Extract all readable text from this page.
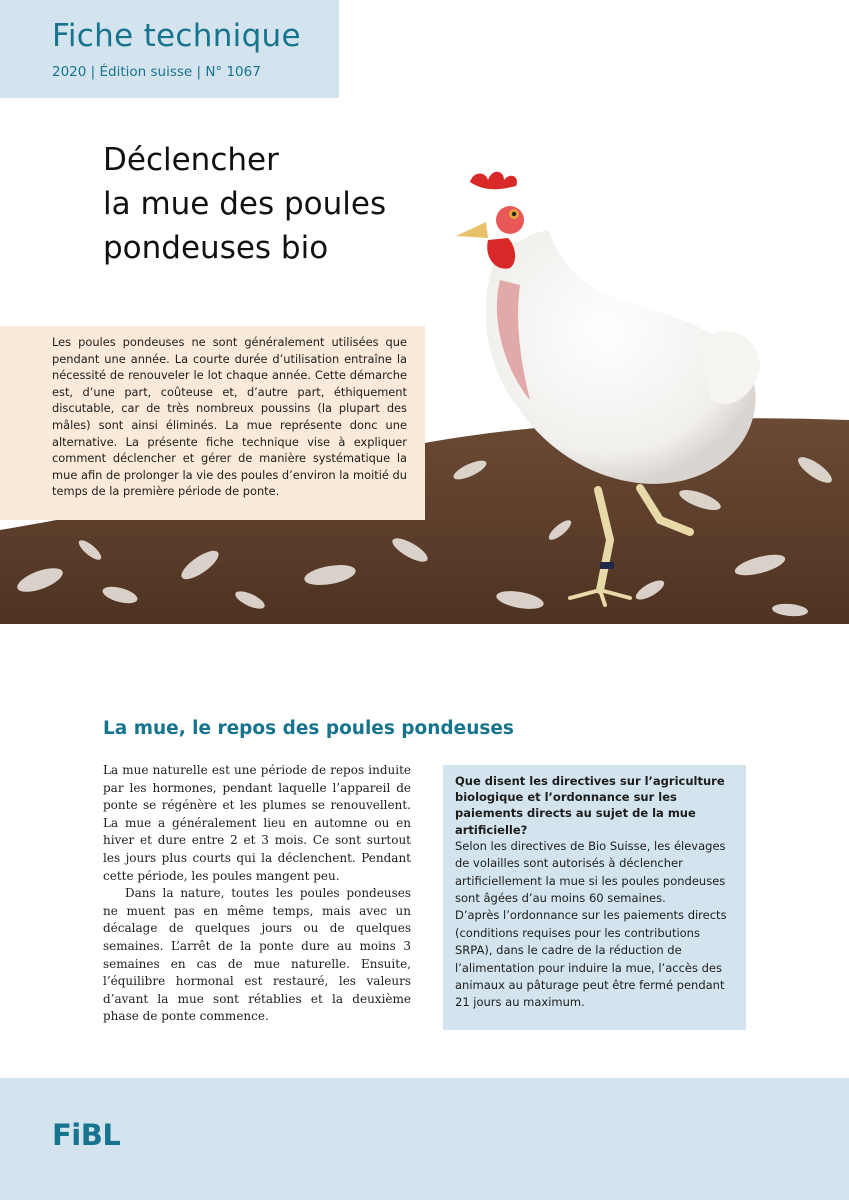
Fiche technique
2020 | Édition suisse | N° 1067
Déclencher
la mue des poules
pondeuses bio
Les poules pondeuses ne sont généralement utilisées que pendant une année. La courte durée d’utilisation entraîne la nécessité de renouveler le lot chaque année. Cette démarche est, d’une part, coûteuse et, d’autre part, éthiquement discutable, car de très nombreux poussins (la plupart des mâles) sont ainsi éliminés. La mue représente donc une alternative. La présente fiche technique vise à expliquer comment déclencher et gérer de manière systématique la mue afin de prolonger la vie des poules d’environ la moitié du temps de la première période de ponte.
La mue, le repos des poules pondeuses

La mue naturelle est une période de repos induite par les hormones, pendant laquelle l’appareil de ponte se régénère et les plumes se renouvellent. La mue a généralement lieu en automne ou en hiver et dure entre 2 et 3 mois. Ce sont surtout les jours plus courts qui la déclenchent. Pendant cette période, les poules mangent peu.

Dans la nature, toutes les poules pondeuses ne muent pas en même temps, mais avec un décalage de quelques jours ou de quelques semaines. L’arrêt de la ponte dure au moins 3 semaines en cas de mue naturelle. Ensuite, l’équilibre hormonal est restauré, les valeurs d’avant la mue sont rétablies et la deuxième phase de ponte commence.

Que disent les directives sur l’agriculture biologique et l’ordonnance sur les paiements directs au sujet de la mue artificielle?

Selon les directives de Bio Suisse, les élevages de volailles sont autorisés à déclencher artificiellement la mue si les poules pondeuses sont âgées d’au moins 60 semaines.

D’après l’ordonnance sur les paiements directs (conditions requises pour les contributions SRPA), dans le cadre de la réduction de l’alimentation pour induire la mue, l’accès des animaux au pâturage peut être fermé pendant 21 jours au maximum.

FiBL
